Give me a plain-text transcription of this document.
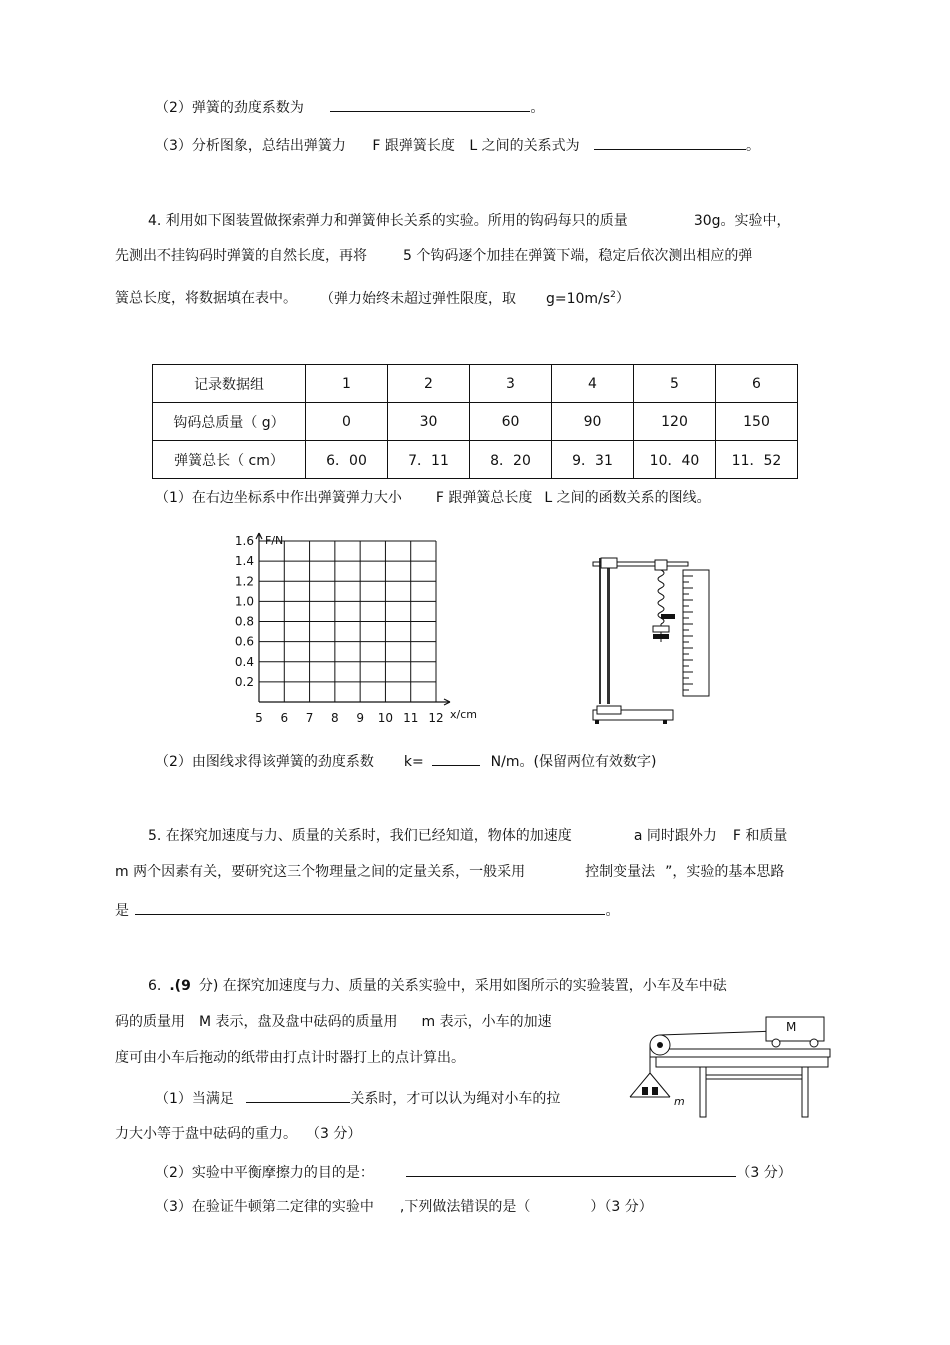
（2）弹簧的劲度系数为	。
（3）分析图象，总结出弹簧力 F 跟弹簧长度 L 之间的关系式为	。
4. 利用如下图装置做探索弹力和弹簧伸长关系的实验。所用的钩码每只的质量	30g。实验中，
先测出不挂钩码时弹簧的自然长度，再将	5 个钩码逐个加挂在弹簧下端，稳定后依次测出相应的弹
簧总长度，将数据填在表中。 （弹力始终未超过弹性限度，取 $g=10m/s^2$）
记录数据组	1	2	3	4	5	6
钩码总质量（ g）	0	30	60	90	120	150
弹簧总长（ cm）	6．00	7．11	8．20	9．31	10．40	11．52
（1）在右边坐标系中作出弹簧弹力大小 F 跟弹簧总长度 L 之间的函数关系的图线。
5 6 7 8 9 10 11 12
0.2
0.4
0.6
0.8
1.0
1.2
1.4
1.6 F/N
x/cm
（2）由图线求得该弹簧的劲度系数 k=	N/m。(保留两位有效数字)
5. 在探究加速度与力、质量的关系时，我们已经知道，物体的加速度	a 同时跟外力 F 和质量
m 两个因素有关，要研究这三个物理量之间的定量关系，一般采用	控制变量法 ”，实验的基本思路
是	。
6. .(9 分) 在探究加速度与力、质量的关系实验中，采用如图所示的实验装置，小车及车中砝
码的质量用 M 表示，盘及盘中砝码的质量用 m 表示，小车的加速
度可由小车后拖动的纸带由打点计时器打上的点计算出。
M
m
（1）当满足	关系时，才可以认为绳对小车的拉
力大小等于盘中砝码的重力。 （3 分）
（2）实验中平衡摩擦力的目的是：	（3 分）
（3）在验证牛顿第二定律的实验中 ,下列做法错误的是（	）（3 分）
